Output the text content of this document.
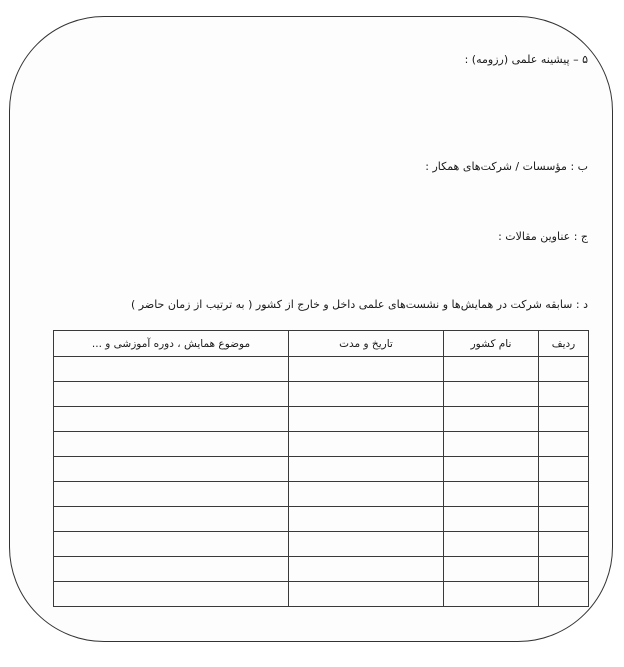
۵ – پیشینه علمی (رزومه) :
ب : مؤسسات / شرکت‌های همکار :
ج : عناوین مقالات :
د : سابقه شرکت در همایش‌ها و نشست‌های علمی داخل و خارج از کشور ( به ترتیب از زمان حاضر )
ردیف	نام کشور	تاریخ و مدت	موضوع همایش ، دوره آموزشی و ...
